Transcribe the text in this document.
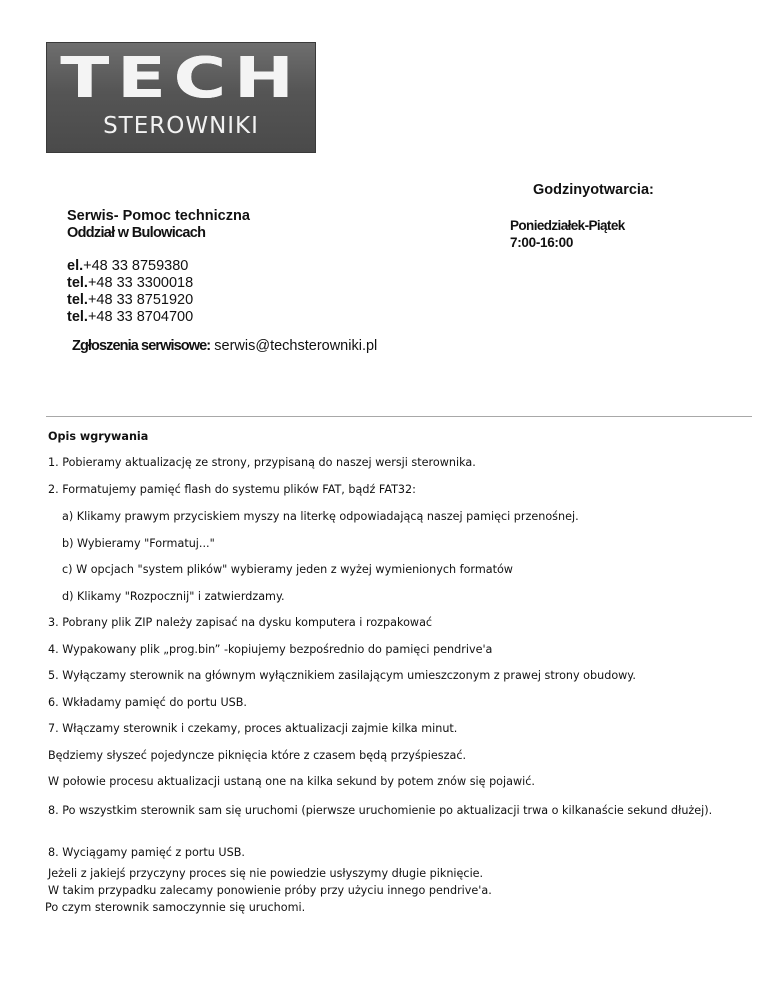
TECH
STEROWNIKI
Godzinyotwarcia:
Poniedziałek-Piątek
7:00-16:00
Serwis- Pomoc techniczna
Oddział w Bulowicach
el.+48 33 8759380
tel.+48 33 3300018
tel.+48 33 8751920
tel.+48 33 8704700
Zgłoszenia serwisowe: serwis@techsterowniki.pl
Opis wgrywania
1. Pobieramy aktualizację ze strony, przypisaną do naszej wersji sterownika.
2. Formatujemy pamięć flash do systemu plików FAT, bądź FAT32:
a) Klikamy prawym przyciskiem myszy na literkę odpowiadającą naszej pamięci przenośnej.
b) Wybieramy "Formatuj..."
c) W opcjach "system plików" wybieramy jeden z wyżej wymienionych formatów
d) Klikamy "Rozpocznij" i zatwierdzamy.
3. Pobrany plik ZIP należy zapisać na dysku komputera i rozpakować
4. Wypakowany plik „prog.bin” -kopiujemy bezpośrednio do pamięci pendrive'a
5. Wyłączamy sterownik na głównym wyłącznikiem zasilającym umieszczonym z prawej strony obudowy.
6. Wkładamy pamięć do portu USB.
7. Włączamy sterownik i czekamy, proces aktualizacji zajmie kilka minut.
Będziemy słyszeć pojedyncze piknięcia które z czasem będą przyśpieszać.
W połowie procesu aktualizacji ustaną one na kilka sekund by potem znów się pojawić.
8. Po wszystkim sterownik sam się uruchomi (pierwsze uruchomienie po aktualizacji trwa o kilkanaście sekund dłużej).
8. Wyciągamy pamięć z portu USB.
Jeżeli z jakiejś przyczyny proces się nie powiedzie usłyszymy długie piknięcie.
W takim przypadku zalecamy ponowienie próby przy użyciu innego pendrive'a.
Po czym sterownik samoczynnie się uruchomi.
